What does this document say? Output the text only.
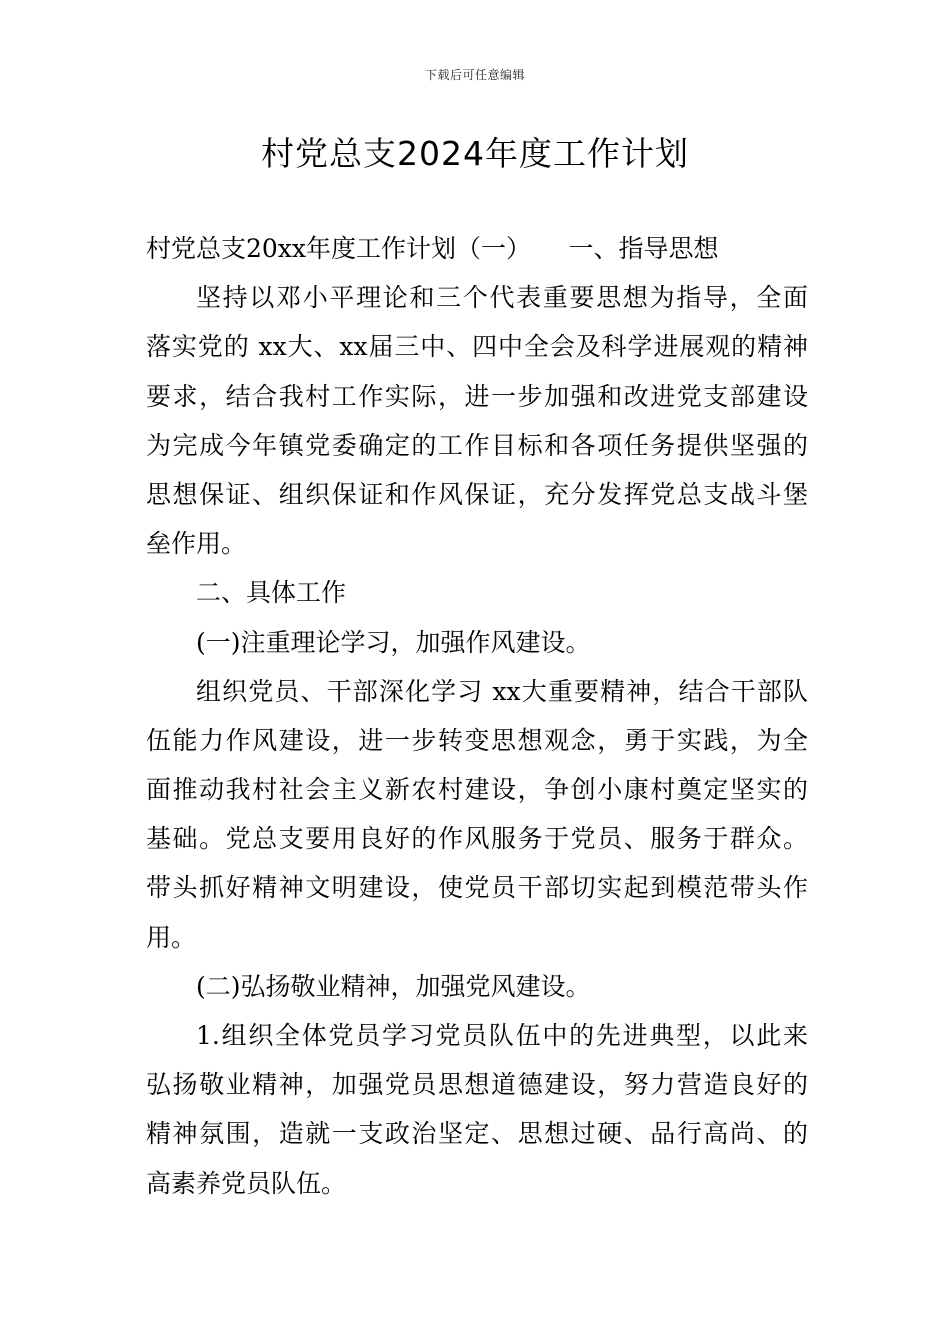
下载后可任意编辑
村党总支2024年度工作计划
村党总支20xx年度工作计划（一）　　一、指导思想
坚持以邓小平理论和三个代表重要思想为指导，全面
落实党的 xx大、xx届三中、四中全会及科学进展观的精神
要求，结合我村工作实际，进一步加强和改进党支部建设
为完成今年镇党委确定的工作目标和各项任务提供坚强的
思想保证、组织保证和作风保证，充分发挥党总支战斗堡
垒作用。
二、具体工作
(一)注重理论学习，加强作风建设。
组织党员、干部深化学习 xx大重要精神，结合干部队
伍能力作风建设，进一步转变思想观念，勇于实践，为全
面推动我村社会主义新农村建设，争创小康村奠定坚实的
基础。党总支要用良好的作风服务于党员、服务于群众。
带头抓好精神文明建设，使党员干部切实起到模范带头作
用。
(二)弘扬敬业精神，加强党风建设。
1.组织全体党员学习党员队伍中的先进典型，以此来
弘扬敬业精神，加强党员思想道德建设，努力营造良好的
精神氛围，造就一支政治坚定、思想过硬、品行高尚、的
高素养党员队伍。
